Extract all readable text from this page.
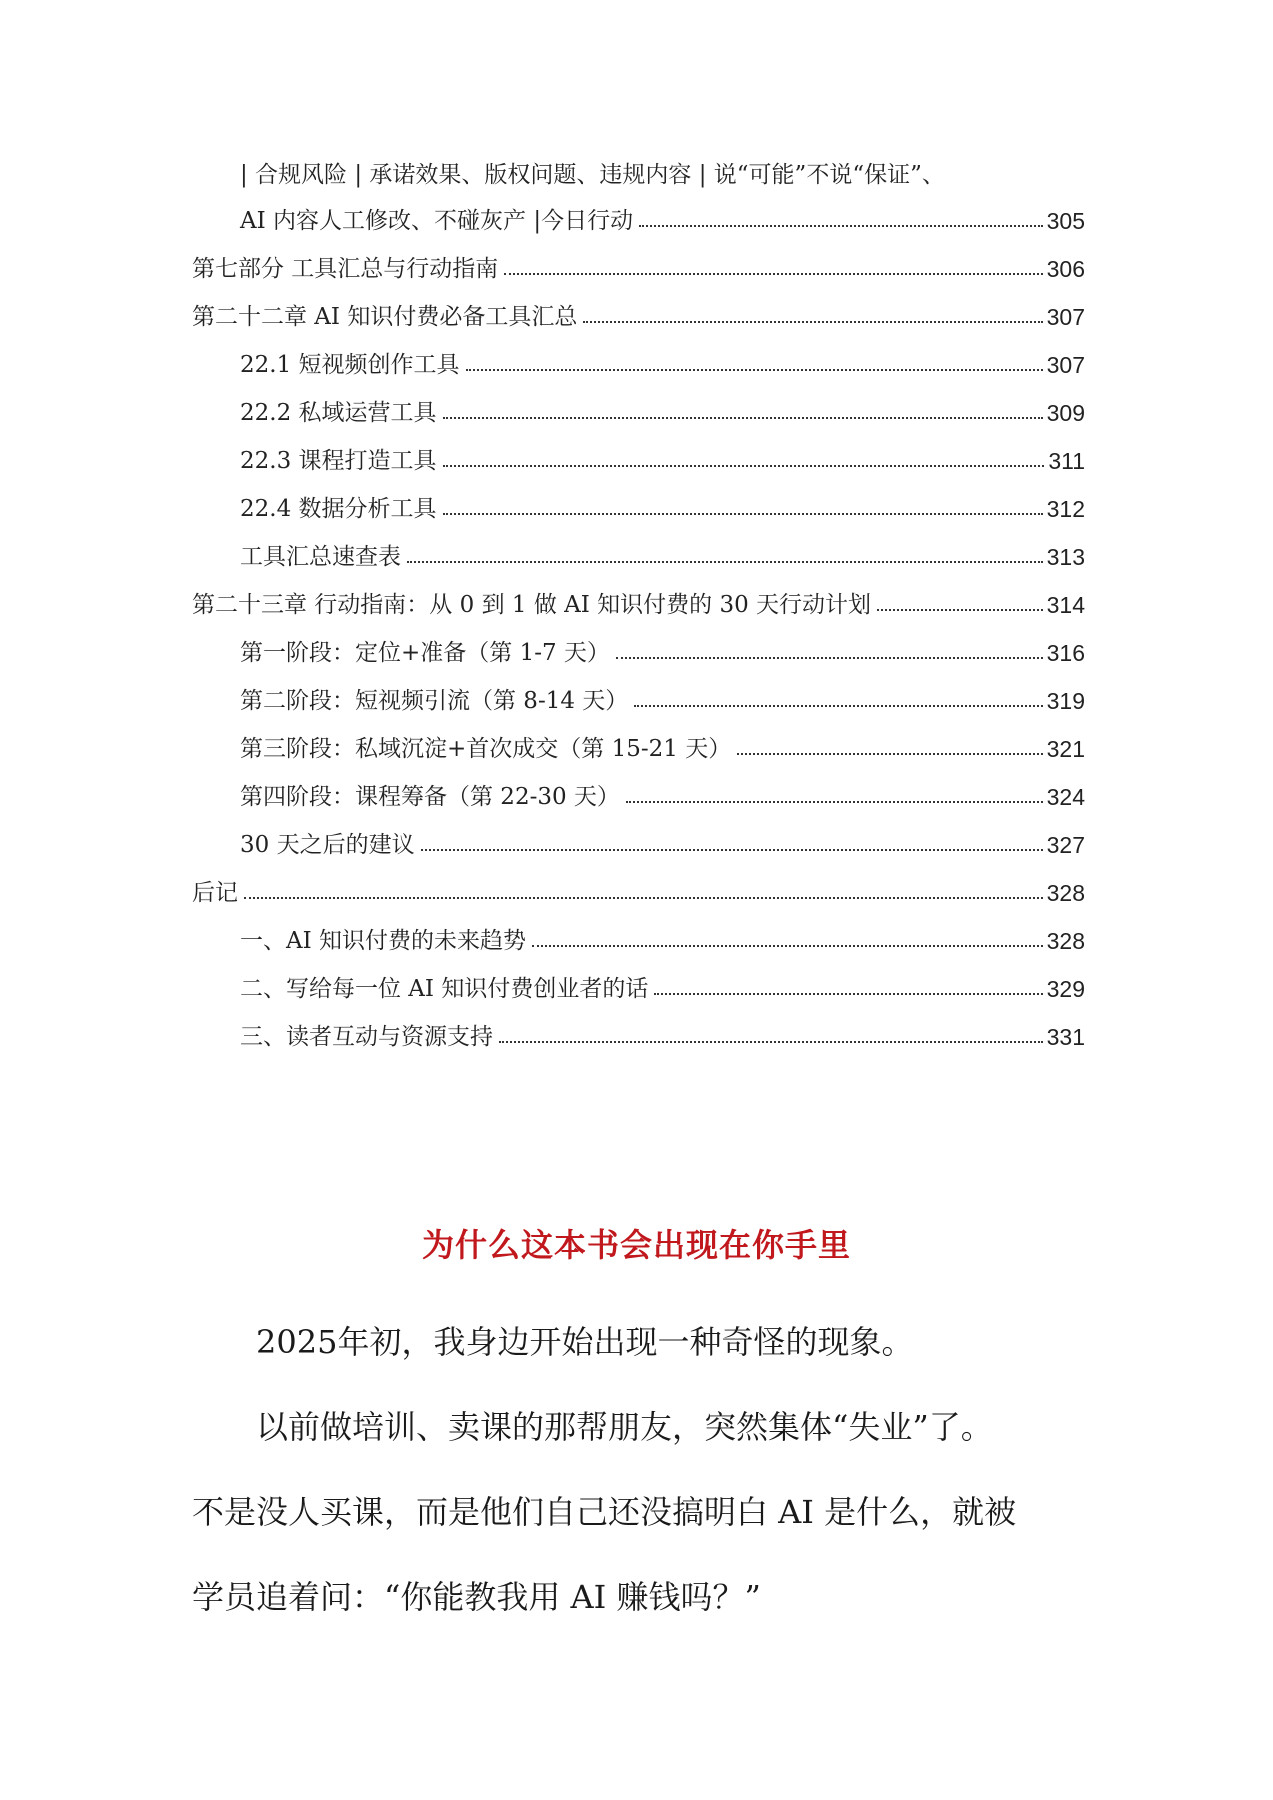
| 合规风险 | 承诺效果、版权问题、违规内容 | 说“可能”不说“保证”、
AI 内容人工修改、不碰灰产 |今日行动	305
第七部分 工具汇总与行动指南	306
第二十二章 AI 知识付费必备工具汇总	307
22.1 短视频创作工具	307
22.2 私域运营工具	309
22.3 课程打造工具	311
22.4 数据分析工具	312
工具汇总速查表	313
第二十三章 行动指南：从 0 到 1 做 AI 知识付费的 30 天行动计划	314
第一阶段：定位+准备（第 1-7 天）	316
第二阶段：短视频引流（第 8-14 天）	319
第三阶段：私域沉淀+首次成交（第 15-21 天）	321
第四阶段：课程筹备（第 22-30 天）	324
30 天之后的建议	327
后记	328
一、AI 知识付费的未来趋势	328
二、写给每一位 AI 知识付费创业者的话	329
三、读者互动与资源支持	331
为什么这本书会出现在你手里

2025年初，我身边开始出现一种奇怪的现象。

以前做培训、卖课的那帮朋友，突然集体“失业”了。

不是没人买课，而是他们自己还没搞明白 AI 是什么，就被

学员追着问：“你能教我用 AI 赚钱吗？”
